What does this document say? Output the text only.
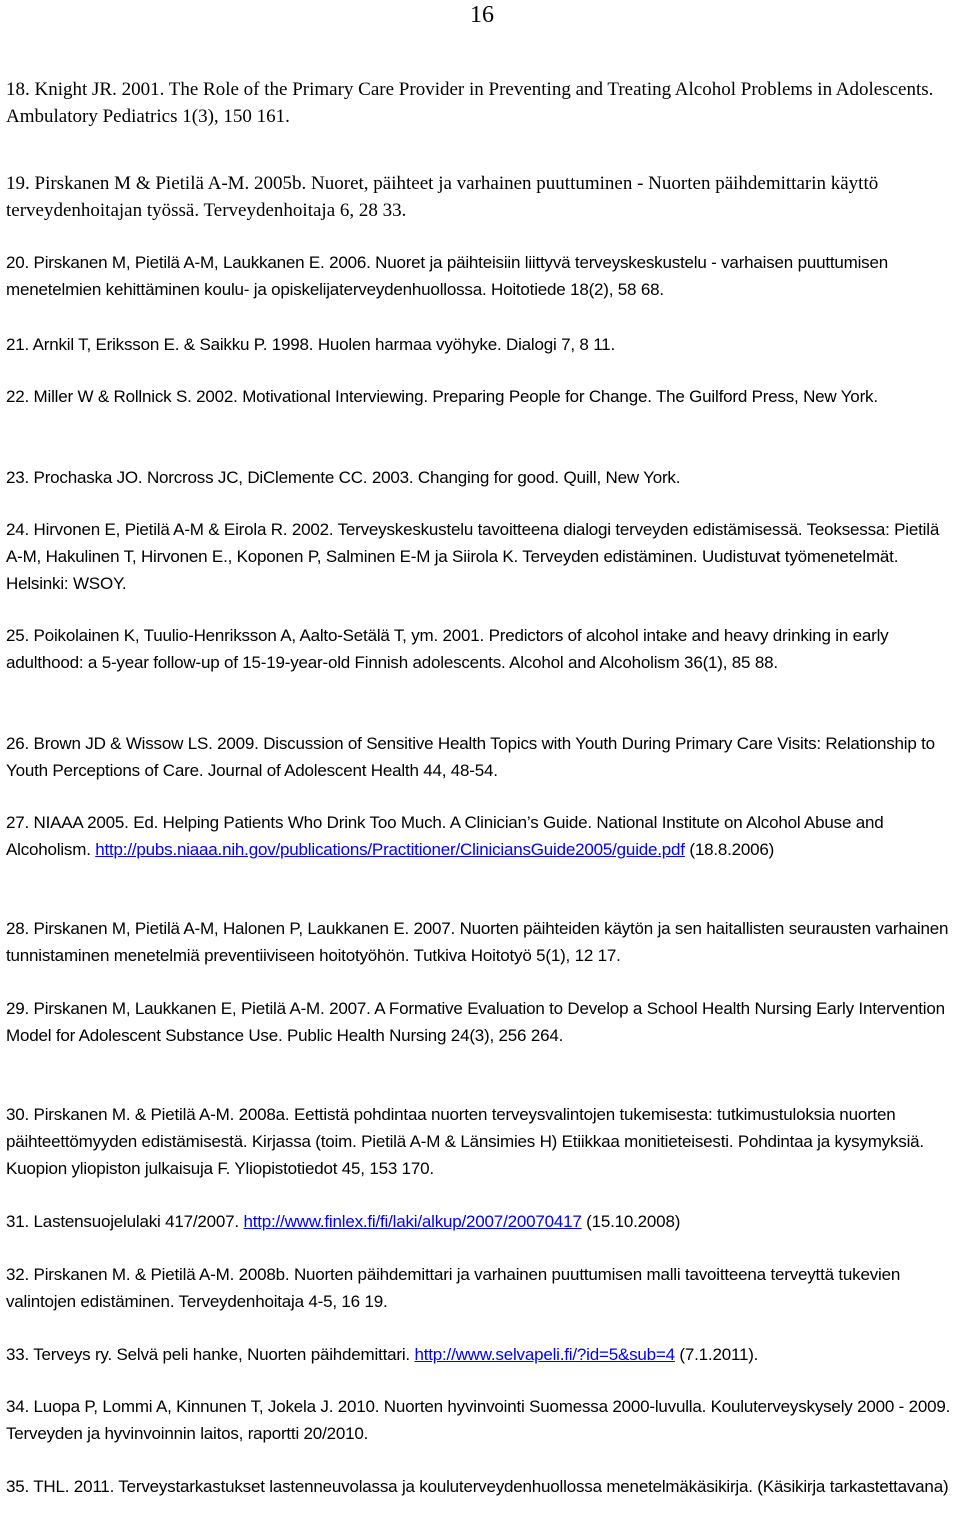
16

18. Knight JR. 2001. The Role of the Primary Care Provider in Preventing and Treating Alcohol Problems in Adolescents. Ambulatory Pediatrics 1(3), 150 161.

19. Pirskanen M & Pietilä A-M. 2005b. Nuoret, päihteet ja varhainen puuttuminen - Nuorten päihdemittarin käyttö terveydenhoitajan työssä. Terveydenhoitaja 6, 28 33.

20. Pirskanen M, Pietilä A-M, Laukkanen E. 2006. Nuoret ja päihteisiin liittyvä terveyskeskustelu - varhaisen puuttumisen menetelmien kehittäminen koulu- ja opiskelijaterveydenhuollossa. Hoitotiede 18(2), 58 68.

21. Arnkil T, Eriksson E. & Saikku P. 1998. Huolen harmaa vyöhyke. Dialogi 7, 8 11.

22. Miller W & Rollnick S. 2002. Motivational Interviewing. Preparing People for Change. The Guilford Press, New York.

23. Prochaska JO. Norcross JC, DiClemente CC. 2003. Changing for good. Quill, New York.

24. Hirvonen E, Pietilä A-M & Eirola R. 2002. Terveyskeskustelu tavoitteena dialogi terveyden edistämisessä. Teoksessa: Pietilä A-M, Hakulinen T, Hirvonen E., Koponen P, Salminen E-M ja Siirola K. Terveyden edistäminen. Uudistuvat työmenetelmät. Helsinki: WSOY.

25. Poikolainen K, Tuulio-Henriksson A, Aalto-Setälä T, ym. 2001. Predictors of alcohol intake and heavy drinking in early adulthood: a 5-year follow-up of 15-19-year-old Finnish adolescents. Alcohol and Alcoholism 36(1), 85 88.

26. Brown JD & Wissow LS. 2009. Discussion of Sensitive Health Topics with Youth During Primary Care Visits: Relationship to Youth Perceptions of Care. Journal of Adolescent Health 44, 48-54.

27. NIAAA 2005. Ed. Helping Patients Who Drink Too Much. A Clinician’s Guide. National Institute on Alcohol Abuse and Alcoholism. http://pubs.niaaa.nih.gov/publications/Practitioner/CliniciansGuide2005/guide.pdf (18.8.2006)

28. Pirskanen M, Pietilä A-M, Halonen P, Laukkanen E. 2007. Nuorten päihteiden käytön ja sen haitallisten seurausten varhainen tunnistaminen menetelmiä preventiiviseen hoitotyöhön. Tutkiva Hoitotyö 5(1), 12 17.

29. Pirskanen M, Laukkanen E, Pietilä A-M. 2007. A Formative Evaluation to Develop a School Health Nursing Early Intervention Model for Adolescent Substance Use. Public Health Nursing 24(3), 256 264.

30. Pirskanen M. & Pietilä A-M. 2008a. Eettistä pohdintaa nuorten terveysvalintojen tukemisesta: tutkimustuloksia nuorten päihteettömyyden edistämisestä. Kirjassa (toim. Pietilä A-M & Länsimies H) Etiikkaa monitieteisesti. Pohdintaa ja kysymyksiä. Kuopion yliopiston julkaisuja F. Yliopistotiedot 45, 153 170.

31. Lastensuojelulaki 417/2007. http://www.finlex.fi/fi/laki/alkup/2007/20070417 (15.10.2008)

32. Pirskanen M. & Pietilä A-M. 2008b. Nuorten päihdemittari ja varhainen puuttumisen malli tavoitteena terveyttä tukevien valintojen edistäminen. Terveydenhoitaja 4-5, 16 19.

33. Terveys ry. Selvä peli hanke, Nuorten päihdemittari. http://www.selvapeli.fi/?id=5&sub=4 (7.1.2011).

34. Luopa P, Lommi A, Kinnunen T, Jokela J. 2010. Nuorten hyvinvointi Suomessa 2000-luvulla. Kouluterveyskysely 2000 - 2009. Terveyden ja hyvinvoinnin laitos, raportti 20/2010.

35. THL. 2011. Terveystarkastukset lastenneuvolassa ja kouluterveydenhuollossa menetelmäkäsikirja. (Käsikirja tarkastettavana)
